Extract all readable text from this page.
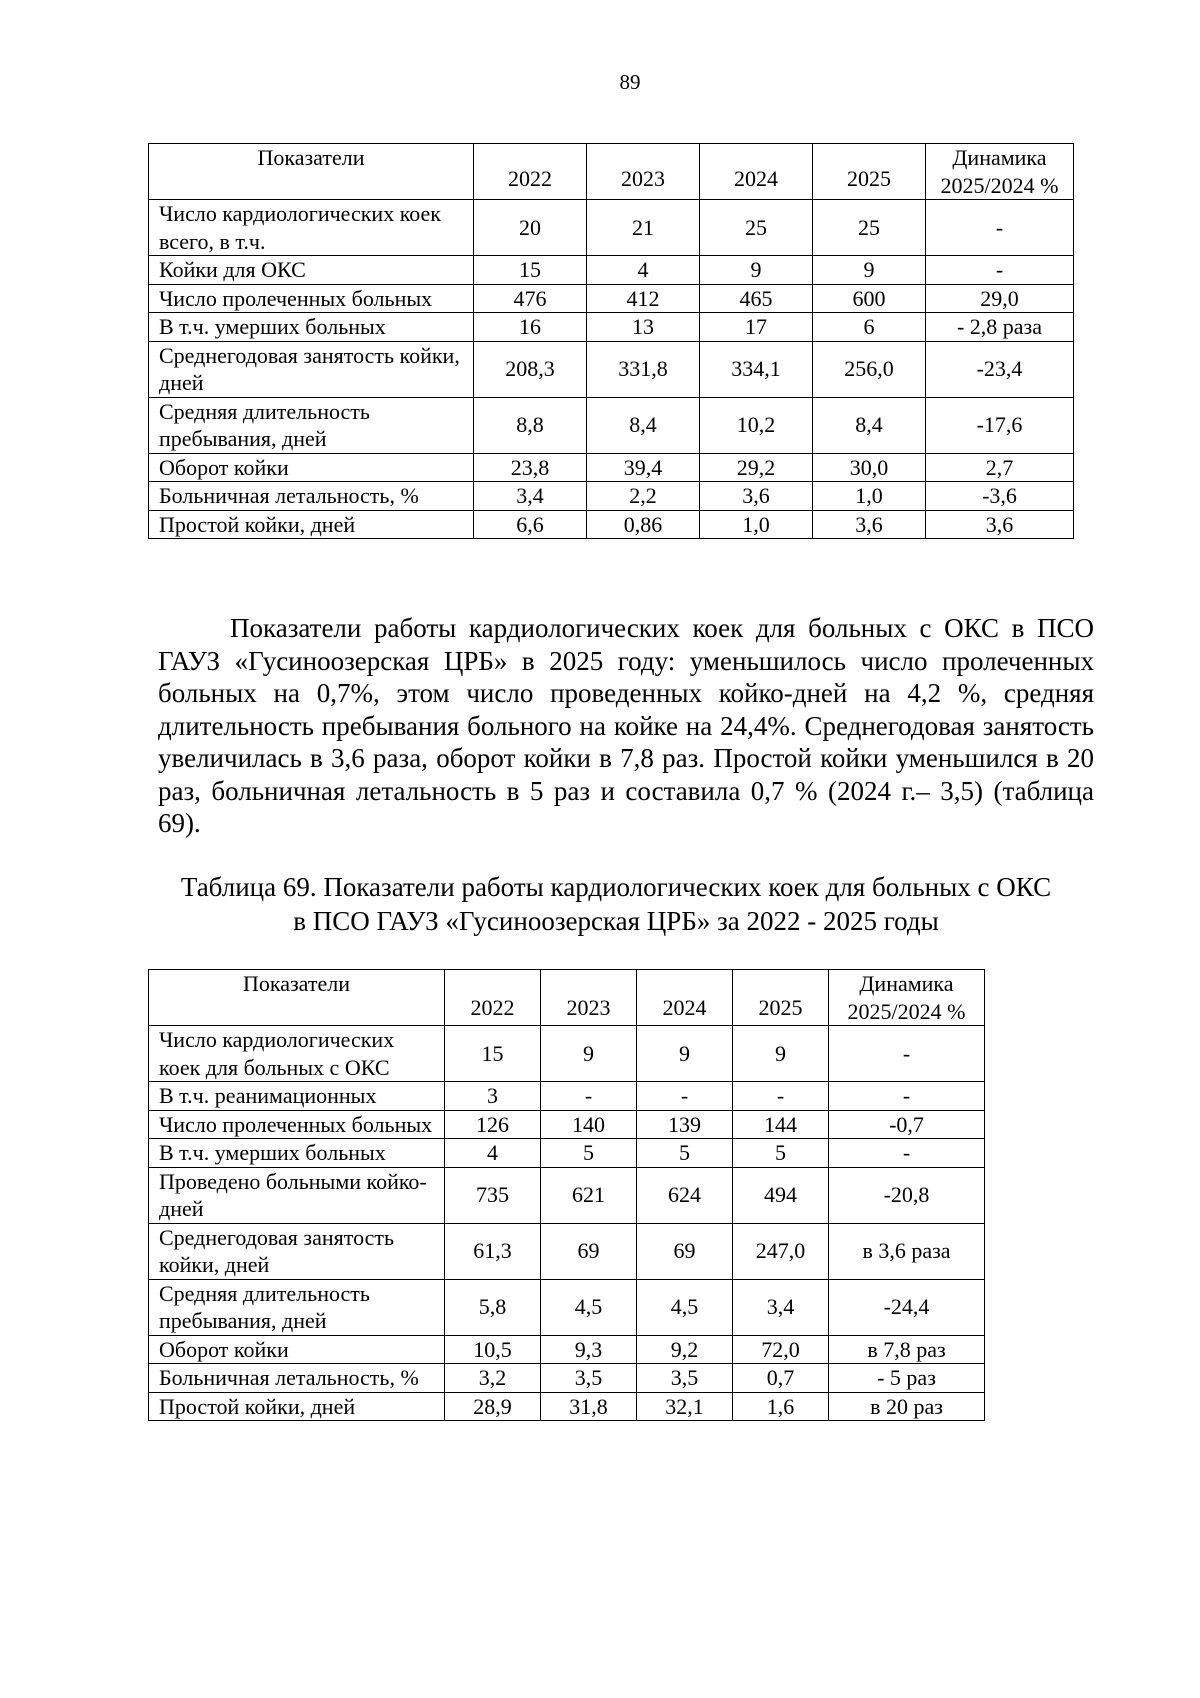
89
Показатели	2022	2023	2024	2025	Динамика 2025/2024 %
Число кардиологических коек всего, в т.ч.	20	21	25	25	-
Койки для ОКС	15	4	9	9	-
Число пролеченных больных	476	412	465	600	29,0
В т.ч. умерших больных	16	13	17	6	- 2,8 раза
Среднегодовая занятость койки, дней	208,3	331,8	334,1	256,0	-23,4
Средняя длительность пребывания, дней	8,8	8,4	10,2	8,4	-17,6
Оборот койки	23,8	39,4	29,2	30,0	2,7
Больничная летальность, %	3,4	2,2	3,6	1,0	-3,6
Простой койки, дней	6,6	0,86	1,0	3,6	3,6
Показатели работы кардиологических коек для больных с ОКС в ПСО ГАУЗ «Гусиноозерская ЦРБ» в 2025 году: уменьшилось число пролеченных больных на 0,7%, этом число проведенных койко-дней на 4,2 %, средняя длительность пребывания больного на койке на 24,4%. Среднегодовая занятость увеличилась в 3,6 раза, оборот койки в 7,8 раз. Простой койки уменьшился в 20 раз, больничная летальность в 5 раз и составила 0,7 % (2024 г.– 3,5) (таблица 69).
Таблица 69. Показатели работы кардиологических коек для больных с ОКС
в ПСО ГАУЗ «Гусиноозерская ЦРБ» за 2022 - 2025 годы
Показатели	2022	2023	2024	2025	Динамика 2025/2024 %
Число кардиологических коек для больных с ОКС	15	9	9	9	-
В т.ч. реанимационных	3	-	-	-	-
Число пролеченных больных	126	140	139	144	-0,7
В т.ч. умерших больных	4	5	5	5	-
Проведено больными койко-дней	735	621	624	494	-20,8
Среднегодовая занятость койки, дней	61,3	69	69	247,0	в 3,6 раза
Средняя длительность пребывания, дней	5,8	4,5	4,5	3,4	-24,4
Оборот койки	10,5	9,3	9,2	72,0	в 7,8 раз
Больничная летальность, %	3,2	3,5	3,5	0,7	- 5 раз
Простой койки, дней	28,9	31,8	32,1	1,6	в 20 раз
